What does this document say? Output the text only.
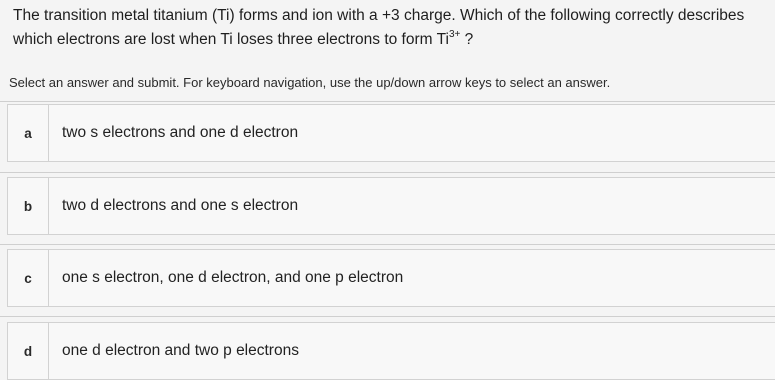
The transition metal titanium (Ti) forms and ion with a +3 charge. Which of the following correctly describes which electrons are lost when Ti loses three electrons to form $Ti^{3+}$ ?
Select an answer and submit. For keyboard navigation, use the up/down arrow keys to select an answer.
a	two s electrons and one d electron
b	two d electrons and one s electron
c	one s electron, one d electron, and one p electron
d	one d electron and two p electrons
